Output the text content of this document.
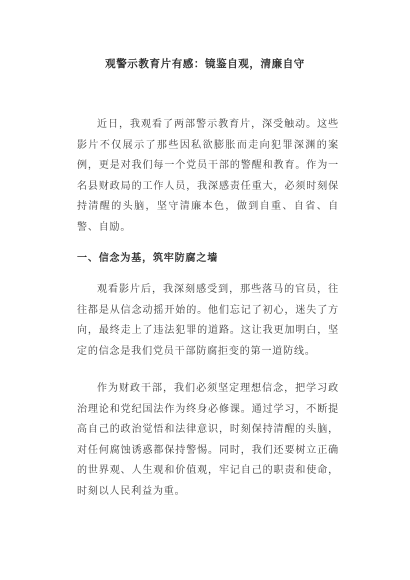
观警示教育片有感：镜鉴自观，清廉自守

近日，我观看了两部警示教育片，深受触动。这些影片不仅展示了那些因私欲膨胀而走向犯罪深渊的案例，更是对我们每一个党员干部的警醒和教育。作为一名县财政局的工作人员，我深感责任重大，必须时刻保持清醒的头脑，坚守清廉本色，做到自重、自省、自警、自励。

一、信念为基，筑牢防腐之墙

观看影片后，我深刻感受到，那些落马的官员，往往都是从信念动摇开始的。他们忘记了初心，迷失了方向，最终走上了违法犯罪的道路。这让我更加明白，坚定的信念是我们党员干部防腐拒变的第一道防线。

作为财政干部，我们必须坚定理想信念，把学习政治理论和党纪国法作为终身必修课。通过学习，不断提高自己的政治觉悟和法律意识，时刻保持清醒的头脑，对任何腐蚀诱惑都保持警惕。同时，我们还要树立正确的世界观、人生观和价值观，牢记自己的职责和使命，时刻以人民利益为重。
